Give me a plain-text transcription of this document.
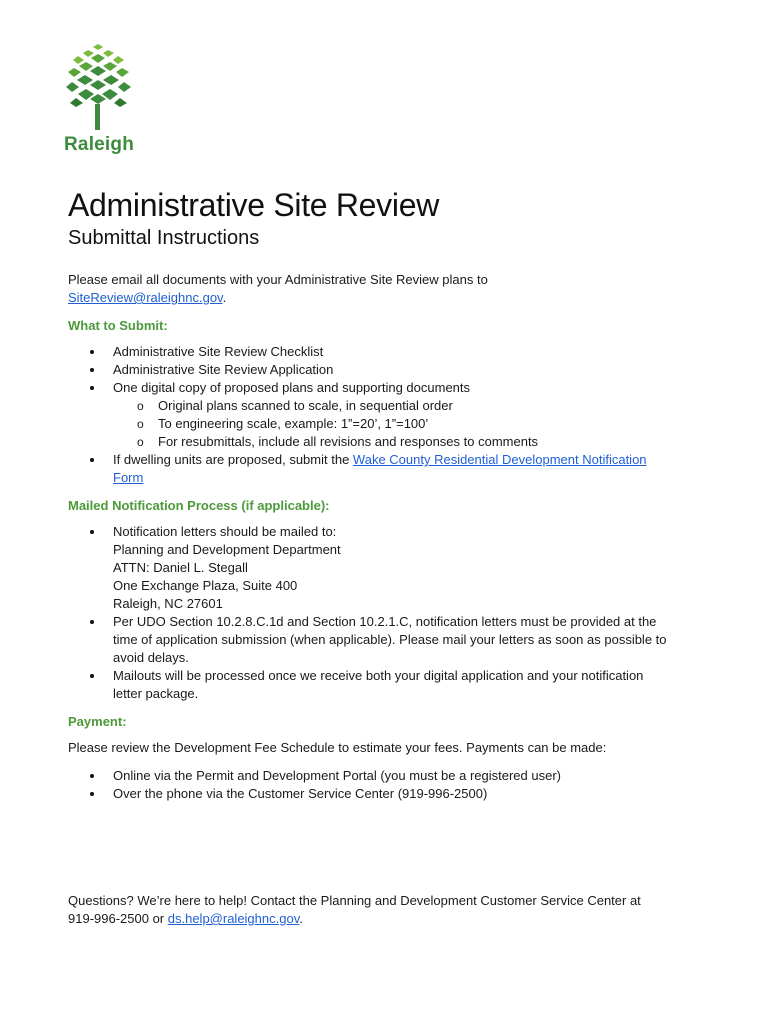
Raleigh
Administrative Site Review
Submittal Instructions

Please email all documents with your Administrative Site Review plans to
SiteReview@raleighnc.gov.

What to Submit:
Administrative Site Review Checklist
Administrative Site Review Application
One digital copy of proposed plans and supporting documents
o Original plans scanned to scale, in sequential order
o To engineering scale, example: 1”=20’, 1”=100’
o For resubmittals, include all revisions and responses to comments
If dwelling units are proposed, submit the Wake County Residential Development Notification Form
Mailed Notification Process (if applicable):
Notification letters should be mailed to:
Planning and Development Department
ATTN: Daniel L. Stegall
One Exchange Plaza, Suite 400
Raleigh, NC 27601
Per UDO Section 10.2.8.C.1d and Section 10.2.1.C, notification letters must be provided at the time of application submission (when applicable). Please mail your letters as soon as possible to avoid delays.
Mailouts will be processed once we receive both your digital application and your notification letter package.
Payment:

Please review the Development Fee Schedule to estimate your fees. Payments can be made:

Online via the Permit and Development Portal (you must be a registered user)
Over the phone via the Customer Service Center (919-996-2500)

Questions? We’re here to help! Contact the Planning and Development Customer Service Center at 919-996-2500 or ds.help@raleighnc.gov.
